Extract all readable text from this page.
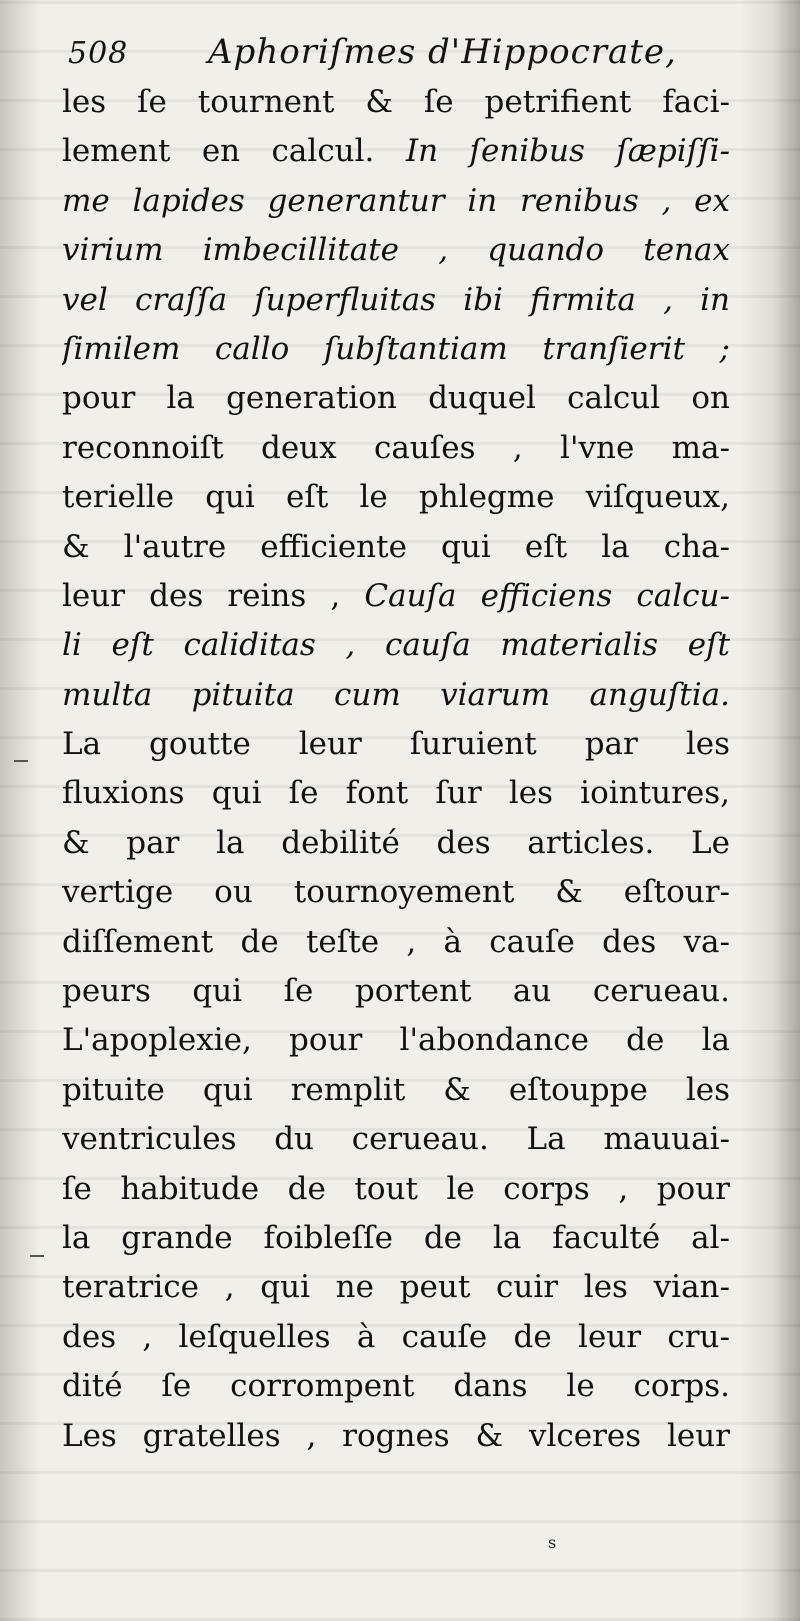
508 Aphoriſmes d'Hippocrate,
les ſe tournent & ſe petrifient faci-
lement en calcul. In ſenibus ſæpiſſi-
me lapides generantur in renibus , ex
virium imbecillitate , quando tenax
vel craſſa ſuperfluitas ibi firmita , in
ſimilem callo ſubſtantiam tranſierit ;
pour la generation duquel calcul on
reconnoiſt deux cauſes , l'vne ma-
terielle qui eſt le phlegme viſqueux,
& l'autre efficiente qui eſt la cha-
leur des reins , Cauſa efficiens calcu-
li eſt caliditas , cauſa materialis eſt
multa pituita cum viarum anguſtia.
La goutte leur ſuruient par les
fluxions qui ſe font ſur les iointures,
& par la debilité des articles. Le
vertige ou tournoyement & eſtour-
diſſement de teſte , à cauſe des va-
peurs qui ſe portent au cerueau.
L'apoplexie, pour l'abondance de la
pituite qui remplit & eſtouppe les
ventricules du cerueau. La mauuai-
ſe habitude de tout le corps , pour
la grande foibleſſe de la faculté al-
teratrice , qui ne peut cuir les vian-
des , leſquelles à cauſe de leur cru-
dité ſe corrompent dans le corps.
Les gratelles , rognes & vlceres leur
s
